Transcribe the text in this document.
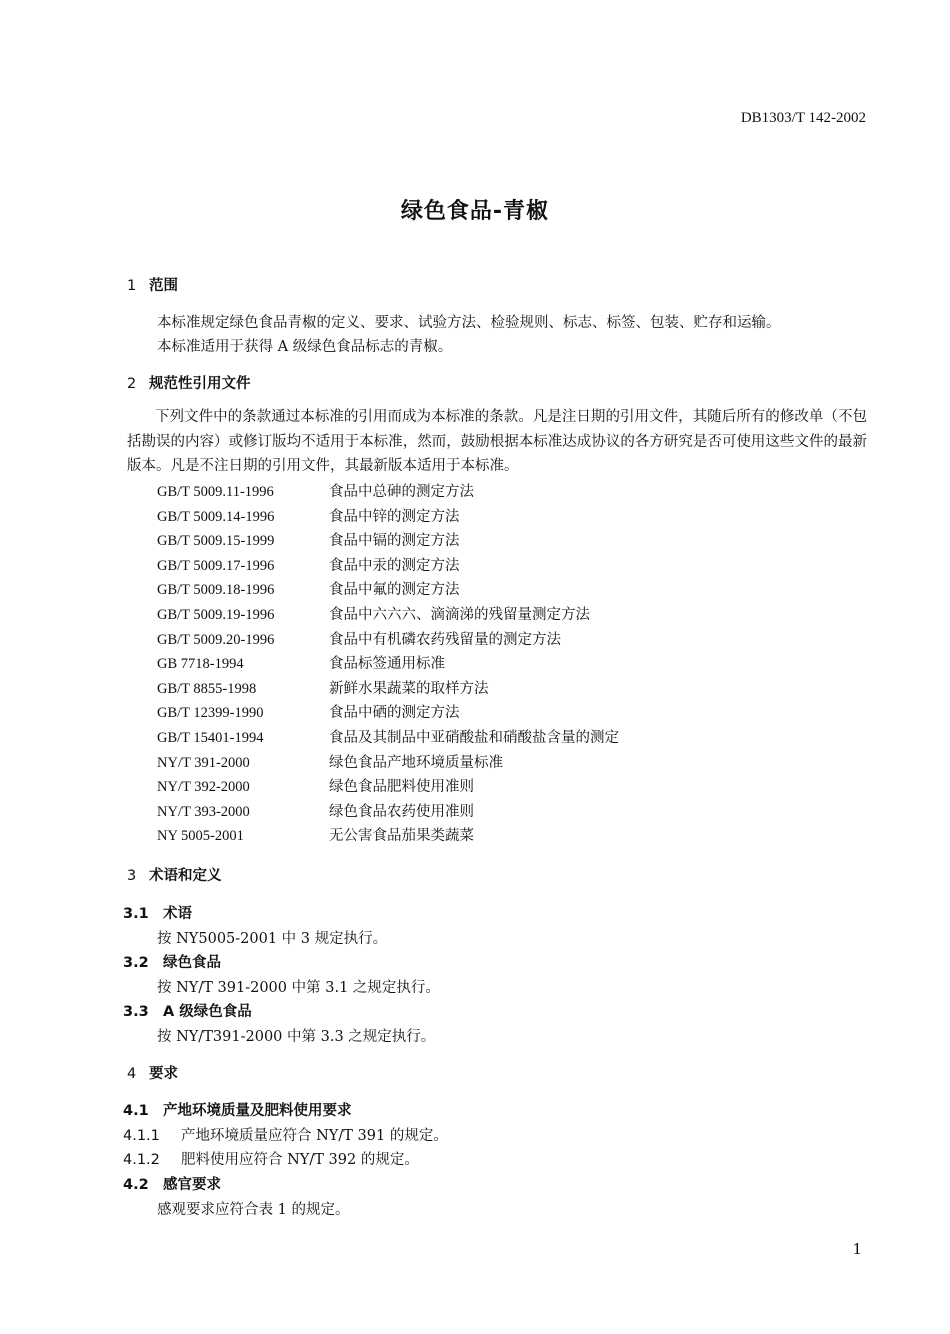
DB1303/T 142-2002
绿色食品-青椒
1 范围
本标准规定绿色食品青椒的定义、要求、试验方法、检验规则、标志、标签、包装、贮存和运输。
本标准适用于获得 A 级绿色食品标志的青椒。
2 规范性引用文件
下列文件中的条款通过本标准的引用而成为本标准的条款。凡是注日期的引用文件，其随后所有的修改单（不包括勘误的内容）或修订版均不适用于本标准，然而，鼓励根据本标准达成协议的各方研究是否可使用这些文件的最新版本。凡是不注日期的引用文件，其最新版本适用于本标准。
GB/T 5009.11-1996	食品中总砷的测定方法
GB/T 5009.14-1996	食品中锌的测定方法
GB/T 5009.15-1999	食品中镉的测定方法
GB/T 5009.17-1996	食品中汞的测定方法
GB/T 5009.18-1996	食品中氟的测定方法
GB/T 5009.19-1996	食品中六六六、滴滴涕的残留量测定方法
GB/T 5009.20-1996	食品中有机磷农药残留量的测定方法
GB 7718-1994	食品标签通用标准
GB/T 8855-1998	新鲜水果蔬菜的取样方法
GB/T 12399-1990	食品中硒的测定方法
GB/T 15401-1994	食品及其制品中亚硝酸盐和硝酸盐含量的测定
NY/T 391-2000	绿色食品产地环境质量标准
NY/T 392-2000	绿色食品肥料使用准则
NY/T 393-2000	绿色食品农药使用准则
NY 5005-2001	无公害食品茄果类蔬菜
3 术语和定义
3.1 术语
按 NY5005-2001 中 3 规定执行。
3.2 绿色食品
按 NY/T 391-2000 中第 3.1 之规定执行。
3.3 A 级绿色食品
按 NY/T391-2000 中第 3.3 之规定执行。
4 要求
4.1 产地环境质量及肥料使用要求
4.1.1 产地环境质量应符合 NY/T 391 的规定。
4.1.2 肥料使用应符合 NY/T 392 的规定。
4.2 感官要求
感观要求应符合表 1 的规定。
1
